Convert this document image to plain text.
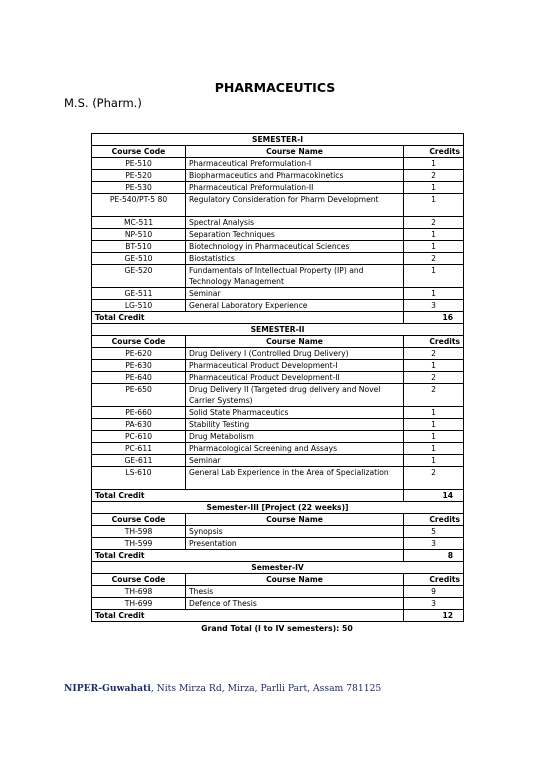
PHARMACEUTICS
M.S. (Pharm.)
SEMESTER-I		
Course Code	Course Name	Credits
PE-510	Pharmaceutical Preformulation-I	1
PE-520	Biopharmaceutics and Pharmacokinetics	2
PE-530	Pharmaceutical Preformulation-II	1
PE-540/PT-5 80	Regulatory Consideration for Pharm Development	1
MC-511	Spectral Analysis	2
NP-510	Separation Techniques	1
BT-510	Biotechnology in Pharmaceutical Sciences	1
GE-510	Biostatistics	2
GE-520	Fundamentals of Intellectual Property (IP) and Technology Management	1
GE-511	Seminar	1
LG-510	General Laboratory Experience	3
Total Credit		16
SEMESTER-II		
Course Code	Course Name	Credits
PE-620	Drug Delivery I (Controlled Drug Delivery)	2
PE-630	Pharmaceutical Product Development-I	1
PE-640	Pharmaceutical Product Development-II	2
PE-650	Drug Delivery II (Targeted drug delivery and Novel Carrier Systems)	2
PE-660	Solid State Pharmaceutics	1
PA-630	Stability Testing	1
PC-610	Drug Metabolism	1
PC-611	Pharmacological Screening and Assays	1
GE-611	Seminar	1
LS-610	General Lab Experience in the Area of Specialization	2
Total Credit		14
Semester-III [Project (22 weeks)]		
Course Code	Course Name	Credits
TH-598	Synopsis	5
TH-599	Presentation	3
Total Credit		8
Semester-IV		
Course Code	Course Name	Credits
TH-698	Thesis	9
TH-699	Defence of Thesis	3
Total Credit		12
Grand Total (I to IV semesters): 50
NIPER-Guwahati, Nits Mirza Rd, Mirza, Parlli Part, Assam 781125
